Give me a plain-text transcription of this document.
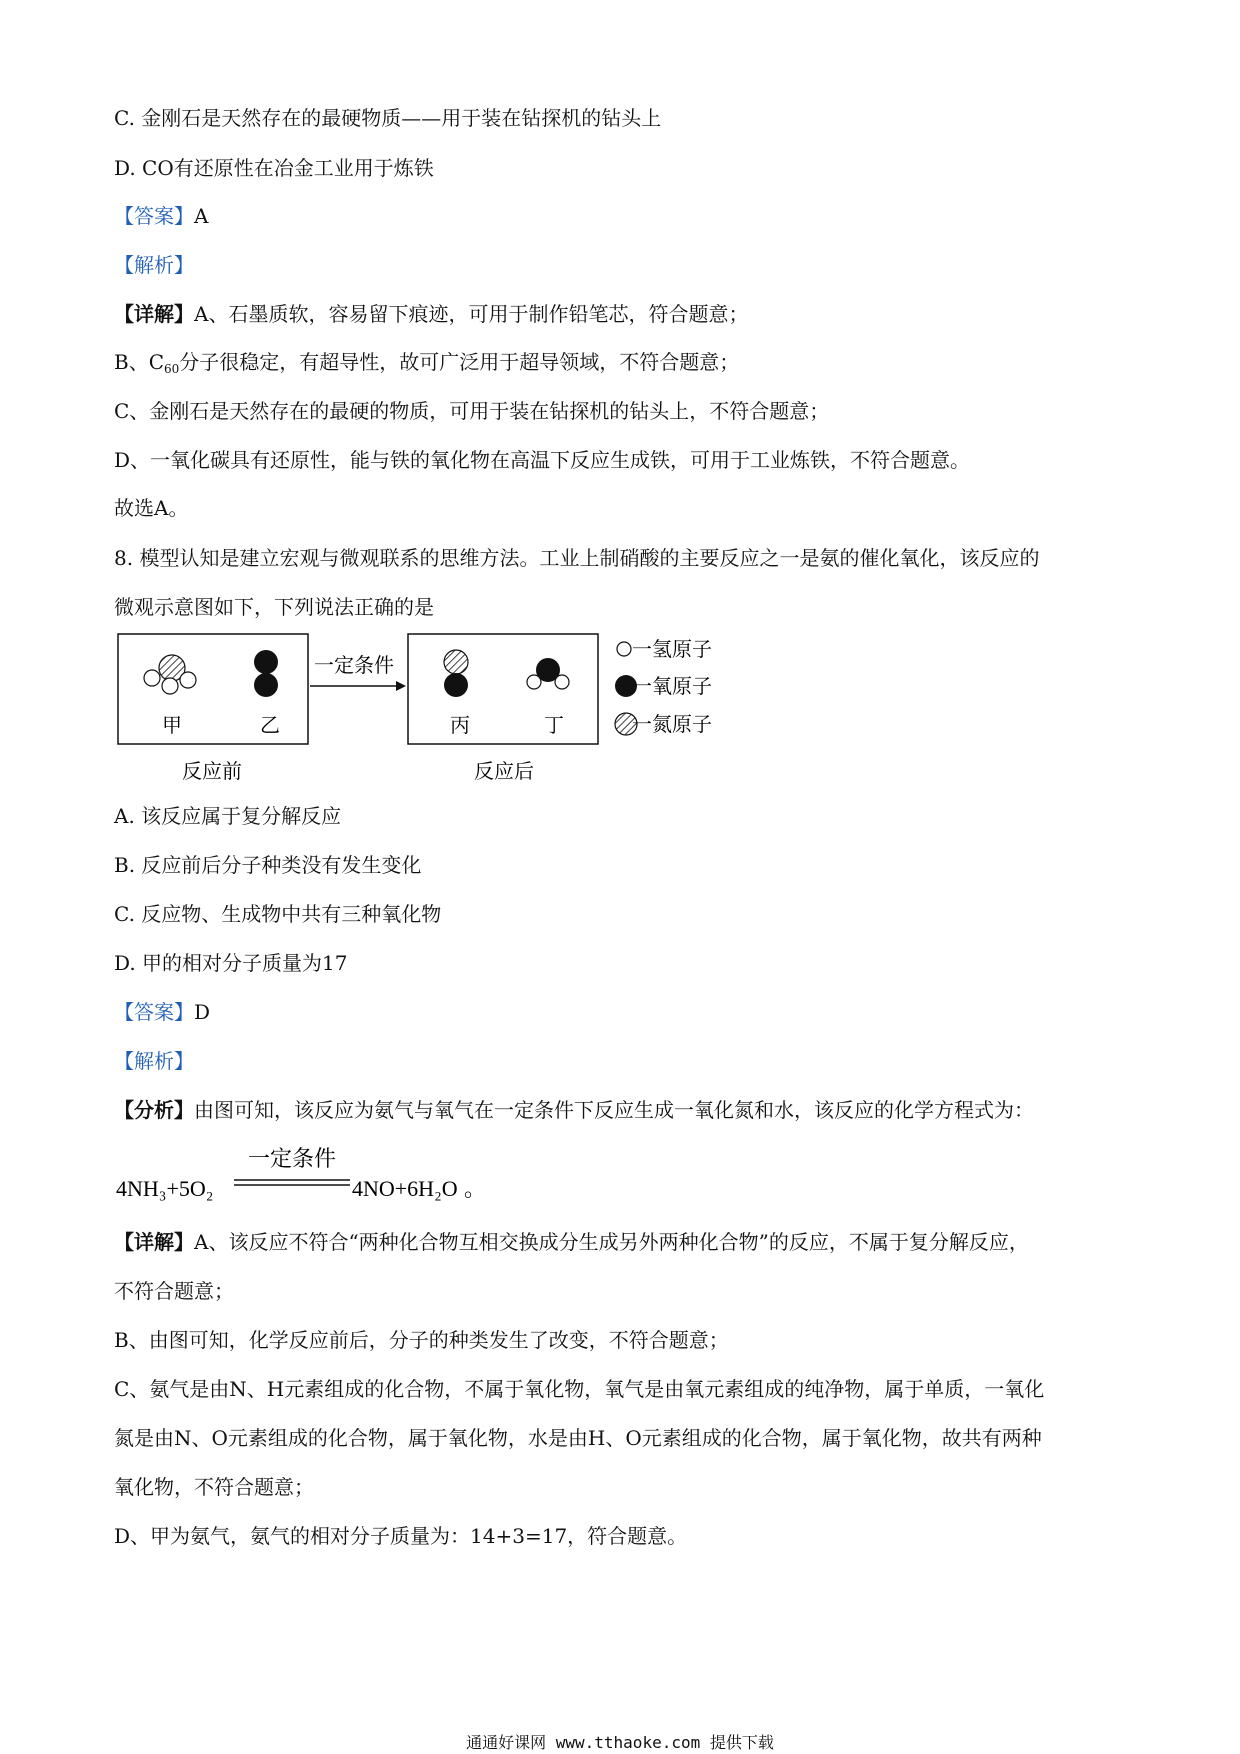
C. 金刚石是天然存在的最硬物质——用于装在钻探机的钻头上
D. CO有还原性在冶金工业用于炼铁
【答案】A
【解析】
【详解】A、石墨质软，容易留下痕迹，可用于制作铅笔芯，符合题意；
B、$C_{60}$分子很稳定，有超导性，故可广泛用于超导领域，不符合题意；
C、金刚石是天然存在的最硬的物质，可用于装在钻探机的钻头上，不符合题意；
D、一氧化碳具有还原性，能与铁的氧化物在高温下反应生成铁，可用于工业炼铁，不符合题意。
故选A。
8. 模型认知是建立宏观与微观联系的思维方法。工业上制硝酸的主要反应之一是氨的催化氧化，该反应的
微观示意图如下，下列说法正确的是
甲	乙
反应前
一定条件
丙	丁
反应后
一氢原子
一氧原子
一氮原子
A. 该反应属于复分解反应
B. 反应前后分子种类没有发生变化
C. 反应物、生成物中共有三种氧化物
D. 甲的相对分子质量为17
【答案】D
【解析】
【分析】由图可知，该反应为氨气与氧气在一定条件下反应生成一氧化氮和水，该反应的化学方程式为：
4NH₃+5O₂
一定条件
4NO+6H₂O 。
【详解】A、该反应不符合“两种化合物互相交换成分生成另外两种化合物”的反应，不属于复分解反应，
不符合题意；
B、由图可知，化学反应前后，分子的种类发生了改变，不符合题意；
C、氨气是由N、H元素组成的化合物，不属于氧化物，氧气是由氧元素组成的纯净物，属于单质，一氧化
氮是由N、O元素组成的化合物，属于氧化物，水是由H、O元素组成的化合物，属于氧化物，故共有两种
氧化物，不符合题意；
D、甲为氨气，氨气的相对分子质量为：14+3=17，符合题意。
通通好课网 www.tthaoke.com 提供下载
